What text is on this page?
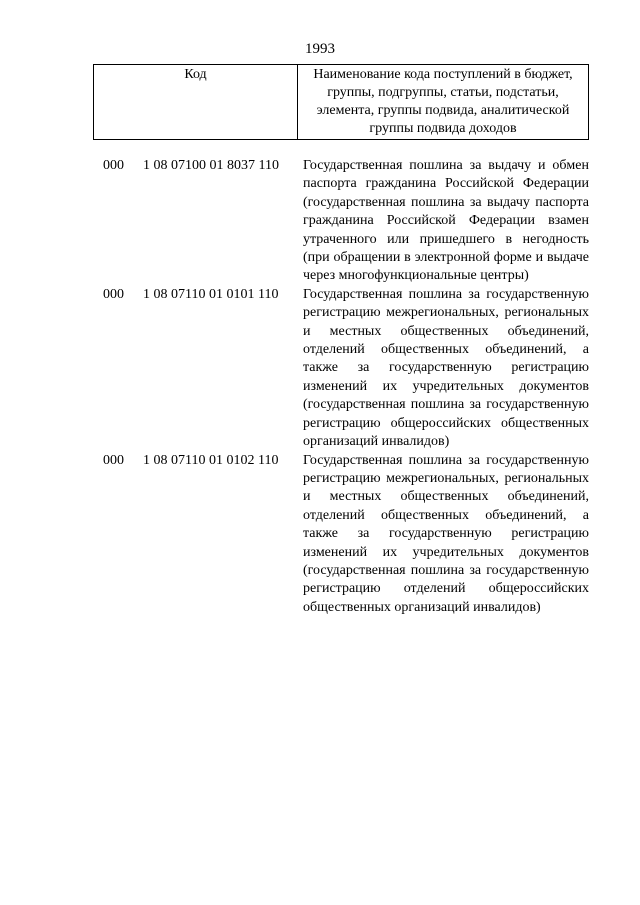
1993
Код	Наименование кода поступлений в бюджет, группы, подгруппы, статьи, подстатьи, элемента, группы подвида, аналитической группы подвида доходов
000 1 08 07100 01 8037 110	Государственная пошлина за выдачу и обмен паспорта гражданина Российской Федерации (государственная пошлина за выдачу паспорта гражданина Российской Федерации взамен утраченного или пришедшего в негодность (при обращении в электронной форме и выдаче через многофункциональные центры)
000 1 08 07110 01 0101 110	Государственная пошлина за государственную регистрацию межрегиональных, региональных и местных общественных объединений, отделений общественных объединений, а также за государственную регистрацию изменений их учредительных документов (государственная пошлина за государственную регистрацию общероссийских общественных организаций инвалидов)
000 1 08 07110 01 0102 110	Государственная пошлина за государственную регистрацию межрегиональных, региональных и местных общественных объединений, отделений общественных объединений, а также за государственную регистрацию изменений их учредительных документов (государственная пошлина за государственную регистрацию отделений общероссийских общественных организаций инвалидов)
